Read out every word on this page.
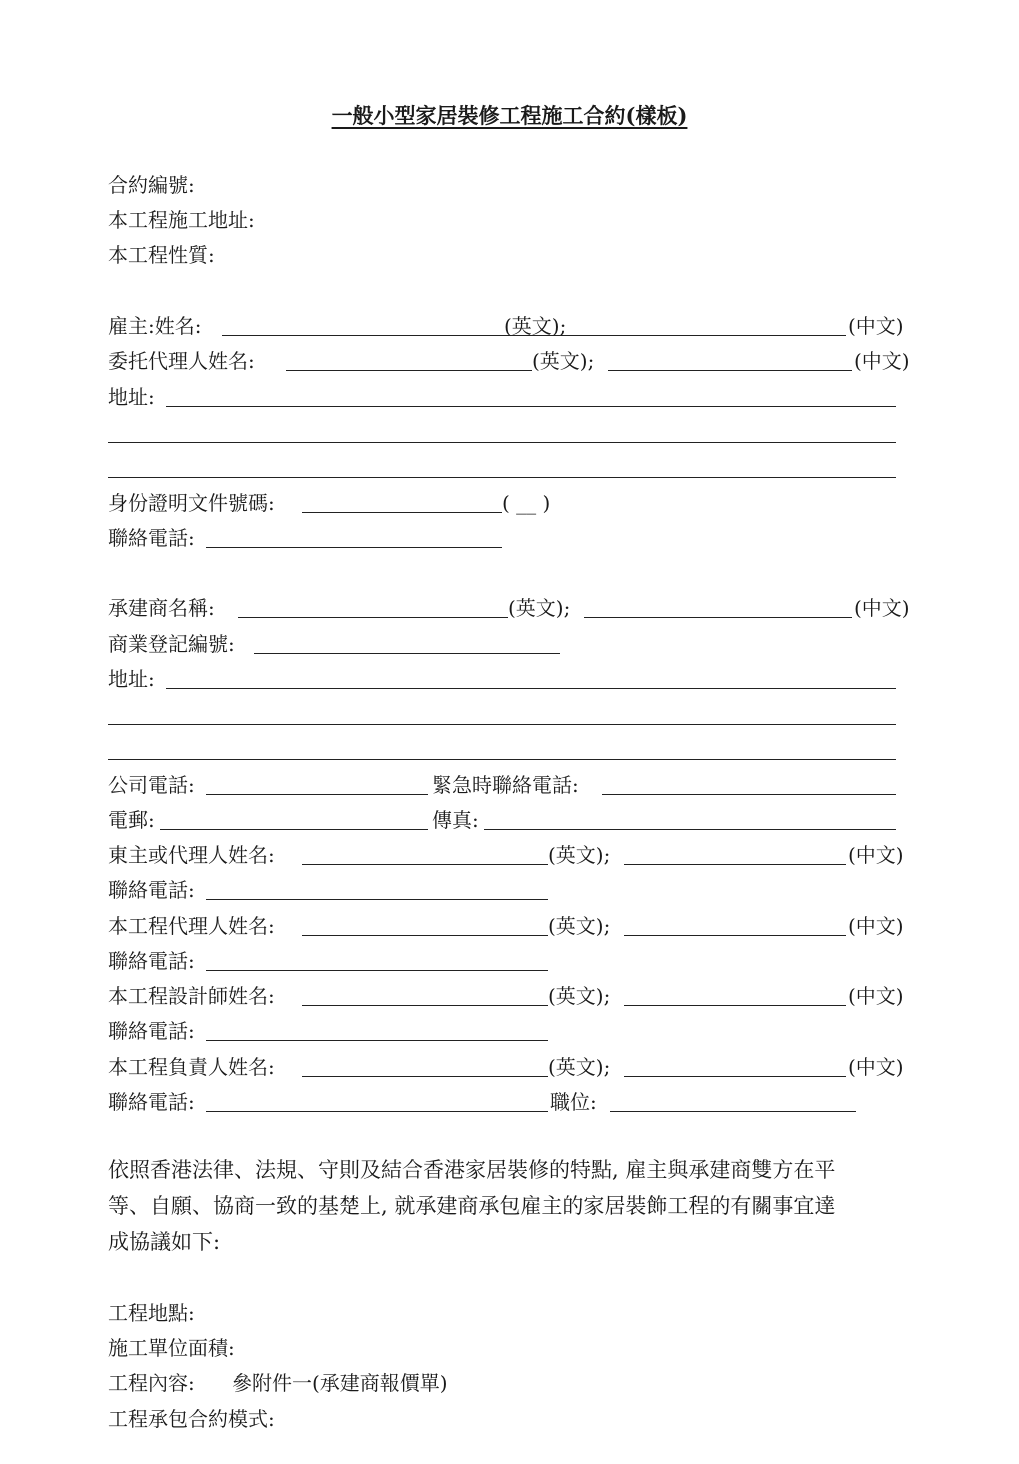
一般小型家居裝修工程施工合約(樣板)
合約編號:
本工程施工地址:
本工程性質:
雇主:姓名:	(英文);	(中文)
委托代理人姓名:	(英文);	(中文)
地址:
身份證明文件號碼:	( __ )
聯絡電話:
承建商名稱:	(英文);	(中文)
商業登記編號:
地址:
公司電話:	緊急時聯絡電話:
電郵:	傳真:
東主或代理人姓名:	(英文);	(中文)
聯絡電話:
本工程代理人姓名:	(英文);	(中文)
聯絡電話:
本工程設計師姓名:	(英文);	(中文)
聯絡電話:
本工程負責人姓名:	(英文);	(中文)
聯絡電話:	職位:
依照香港法律、法規、守則及結合香港家居裝修的特點, 雇主與承建商雙方在平
等、自願、協商一致的基楚上, 就承建商承包雇主的家居裝飾工程的有關事宜達
成協議如下:
工程地點:
施工單位面積:
工程內容: 參附件一(承建商報價單)
工程承包合約模式:
